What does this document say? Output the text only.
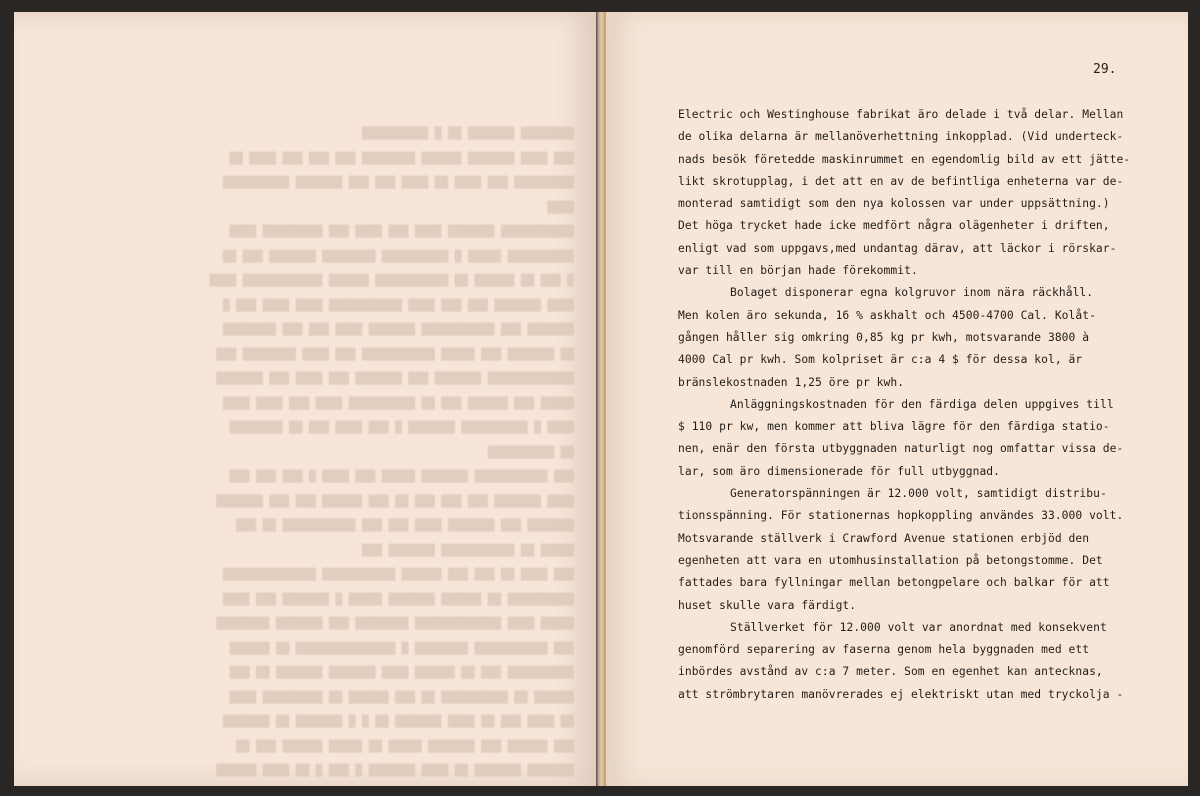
████████ ███████ ██ █ ██████████
███ ████ ███████ ██████ ████████ ███ ███ ███ ████ ██
█████████ ███ ████ ██ ████ ███ ███ ███████ ██████████
████
███████████ ███████ ████ ███ ████ ███ █████████ ████
██████████ █████ █ ██████████ ████████ ███████ ███ ██
█ ███ ██ ██████ ██ ███████████ ██████ ████████████ ████
████ ███████ ███ ███ ████ ███████████ ████ ████ ███ █
███████ ███ ███████████ ███████ ████ ███ ███ ████████
██ ███████ ███ █████ ███████████ ███ ████ ████████ ███
█████████████ ███████ ███ ███████ ███ ████ ███ ███████
█████ ███ ██████ ███ ██ ██████████ ████ ███ ████ ████
████ █ ██████████ ███████ █ ███ ████ ███ ██ ████████
██ ██████████
███ ███████████ ███████ █████ ███ ████ █ ███ ███ ███
████ ███████ ███ ███ ███ ██ ███ ██████ ███ ███ ███████
███████ ███ ███████ ████ ███ ███ ███████████ ██ ███
█████ ██ ███████████ ███████ ███
███ ████ ██ ███ ███ ██████ ███████████ ██████████████
██████████ ██ ██████ ███████ █████ █ ███████ ███ ████
█████ ████ █████████████ ████████ ███ ███████ ████████
███ ███████████ ████████ █ ███████████████ ██ ██████
██████████ ███ ██ ██████ ████ ███████ ███████ ██ ███
██████ ██ ██████████ ██ ███ ██████ ██ █████████ ████
██ ████ ███ ██ ████ ███████ ██ █ █ ███████ ██ ███████
███ ██████ ███ ███████ █████ ██ █████ ██████ ███ ██
███████ ███████ ██ ████ ███████ █ ███ █ ██ ████ ██████
29.
Electric och Westinghouse fabrikat äro delade i två delar. Mellan
de olika delarna är mellanöverhettning inkopplad. (Vid underteck-
nads besök företedde maskinrummet en egendomlig bild av ett jätte-
likt skrotupplag, i det att en av de befintliga enheterna var de-
monterad samtidigt som den nya kolossen var under uppsättning.)
Det höga trycket hade icke medfört några olägenheter i driften,
enligt vad som uppgavs,med undantag därav, att läckor i rörskar-
var till en början hade förekommit.
Bolaget disponerar egna kolgruvor inom nära räckhåll.
Men kolen äro sekunda, 16 % askhalt och 4500-4700 Cal. Kolåt-
gången håller sig omkring 0,85 kg pr kwh, motsvarande 3800 à
4000 Cal pr kwh. Som kolpriset är c:a 4 $ för dessa kol, är
bränslekostnaden 1,25 öre pr kwh.
Anläggningskostnaden för den färdiga delen uppgives till
$ 110 pr kw, men kommer att bliva lägre för den färdiga statio-
nen, enär den första utbyggnaden naturligt nog omfattar vissa de-
lar, som äro dimensionerade för full utbyggnad.
Generatorspänningen är 12.000 volt, samtidigt distribu-
tionsspänning. För stationernas hopkoppling användes 33.000 volt.
Motsvarande ställverk i Crawford Avenue stationen erbjöd den
egenheten att vara en utomhusinstallation på betongstomme. Det
fattades bara fyllningar mellan betongpelare och balkar för att
huset skulle vara färdigt.
Ställverket för 12.000 volt var anordnat med konsekvent
genomförd separering av faserna genom hela byggnaden med ett
inbördes avstånd av c:a 7 meter. Som en egenhet kan antecknas,
att strömbrytaren manövrerades ej elektriskt utan med tryckolja -
